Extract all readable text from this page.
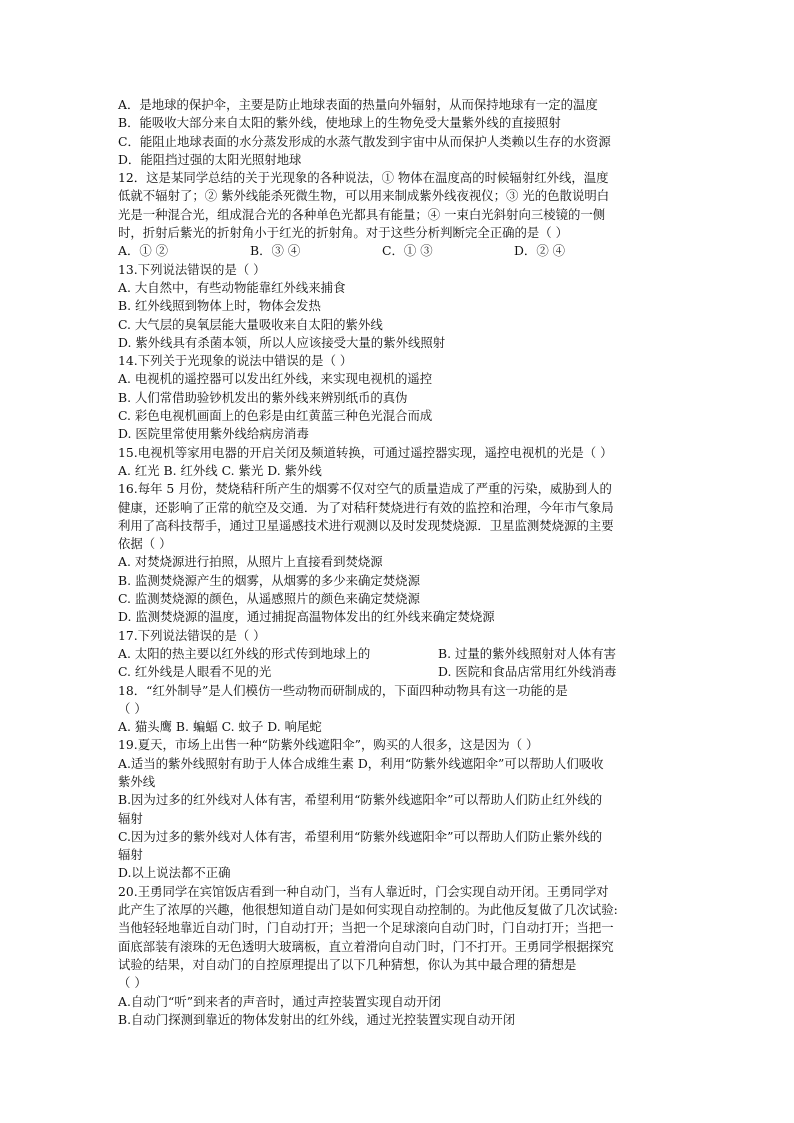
A．是地球的保护伞，主要是防止地球表面的热量向外辐射，从而保持地球有一定的温度
B．能吸收大部分来自太阳的紫外线，使地球上的生物免受大量紫外线的直接照射
C．能阻止地球表面的水分蒸发形成的水蒸气散发到宇宙中从而保护人类赖以生存的水资源
D．能阻挡过强的太阳光照射地球
12．这是某同学总结的关于光现象的各种说法，① 物体在温度高的时候辐射红外线，温度
低就不辐射了；② 紫外线能杀死微生物，可以用来制成紫外线夜视仪；③ 光的色散说明白
光是一种混合光，组成混合光的各种单色光都具有能量；④ 一束白光斜射向三棱镜的一侧
时，折射后紫光的折射角小于红光的折射角。对于这些分析判断完全正确的是（ ）
A．① ②	B．③ ④	C．① ③	D．② ④
13.下列说法错误的是（ ）
A. 大自然中，有些动物能靠红外线来捕食
B. 红外线照到物体上时，物体会发热
C. 大气层的臭氧层能大量吸收来自太阳的紫外线
D. 紫外线具有杀菌本领，所以人应该接受大量的紫外线照射
14.下列关于光现象的说法中错误的是（ ）
A. 电视机的遥控器可以发出红外线，来实现电视机的遥控
B. 人们常借助验钞机发出的紫外线来辨别纸币的真伪
C. 彩色电视机画面上的色彩是由红黄蓝三种色光混合而成
D. 医院里常使用紫外线给病房消毒
15.电视机等家用电器的开启关闭及频道转换，可通过遥控器实现，遥控电视机的光是（ ）
A. 红光 B. 红外线 C. 紫光 D. 紫外线
16.每年 5 月份，焚烧秸秆所产生的烟雾不仅对空气的质量造成了严重的污染，威胁到人的
健康，还影响了正常的航空及交通．为了对秸秆焚烧进行有效的监控和治理，今年市气象局
利用了高科技帮手，通过卫星遥感技术进行观测以及时发现焚烧源．卫星监测焚烧源的主要
依据（ ）
A. 对焚烧源进行拍照，从照片上直接看到焚烧源
B. 监测焚烧源产生的烟雾，从烟雾的多少来确定焚烧源
C. 监测焚烧源的颜色，从遥感照片的颜色来确定焚烧源
D. 监测焚烧源的温度，通过捕捉高温物体发出的红外线来确定焚烧源
17.下列说法错误的是（ ）
A. 太阳的热主要以红外线的形式传到地球上的	B. 过量的紫外线照射对人体有害
C. 红外线是人眼看不见的光	D. 医院和食品店常用红外线消毒
18．“红外制导”是人们模仿一些动物而研制成的，下面四种动物具有这一功能的是
（ ）
A. 猫头鹰 B. 蝙蝠 C. 蚊子 D. 响尾蛇
19.夏天，市场上出售一种“防紫外线遮阳伞”，购买的人很多，这是因为（ ）
A.适当的紫外线照射有助于人体合成维生素 D，利用“防紫外线遮阳伞”可以帮助人们吸收
紫外线
B.因为过多的红外线对人体有害，希望利用“防紫外线遮阳伞”可以帮助人们防止红外线的
辐射
C.因为过多的紫外线对人体有害，希望利用“防紫外线遮阳伞”可以帮助人们防止紫外线的
辐射
D.以上说法都不正确
20.王勇同学在宾馆饭店看到一种自动门，当有人靠近时，门会实现自动开闭。王勇同学对
此产生了浓厚的兴趣，他很想知道自动门是如何实现自动控制的。为此他反复做了几次试验:
当他轻轻地靠近自动门时，门自动打开；当把一个足球滚向自动门时，门自动打开；当把一
面底部装有滚珠的无色透明大玻璃板，直立着滑向自动门时，门不打开。王勇同学根据探究
试验的结果，对自动门的自控原理提出了以下几种猜想，你认为其中最合理的猜想是
（ ）
A.自动门“听”到来者的声音时，通过声控装置实现自动开闭
B.自动门探测到靠近的物体发射出的红外线，通过光控装置实现自动开闭
